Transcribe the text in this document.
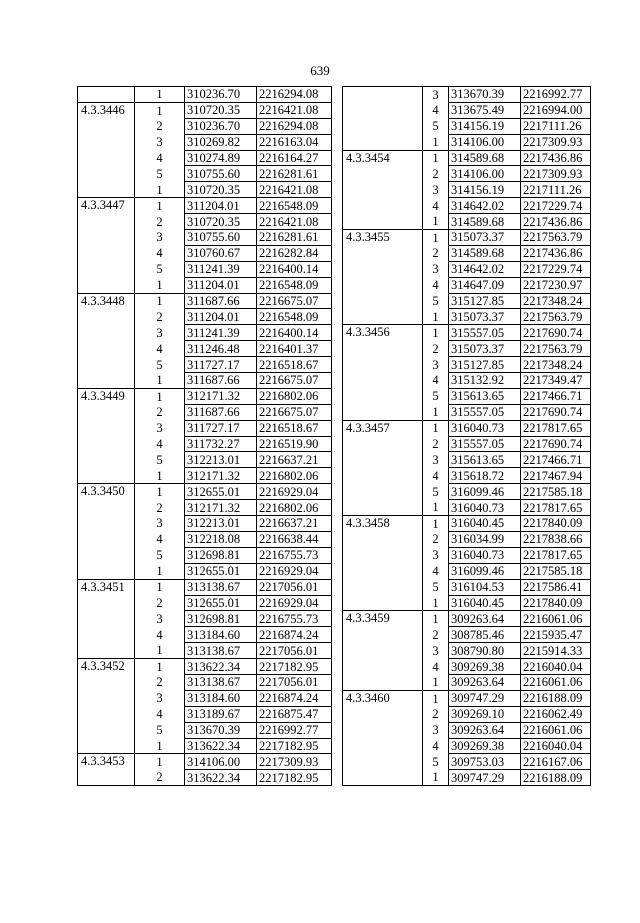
639
	1	310236.70	2216294.08
4.3.3446	1	310720.35	2216421.08
	2	310236.70	2216294.08
	3	310269.82	2216163.04
	4	310274.89	2216164.27
	5	310755.60	2216281.61
	1	310720.35	2216421.08
4.3.3447	1	311204.01	2216548.09
	2	310720.35	2216421.08
	3	310755.60	2216281.61
	4	310760.67	2216282.84
	5	311241.39	2216400.14
	1	311204.01	2216548.09
4.3.3448	1	311687.66	2216675.07
	2	311204.01	2216548.09
	3	311241.39	2216400.14
	4	311246.48	2216401.37
	5	311727.17	2216518.67
	1	311687.66	2216675.07
4.3.3449	1	312171.32	2216802.06
	2	311687.66	2216675.07
	3	311727.17	2216518.67
	4	311732.27	2216519.90
	5	312213.01	2216637.21
	1	312171.32	2216802.06
4.3.3450	1	312655.01	2216929.04
	2	312171.32	2216802.06
	3	312213.01	2216637.21
	4	312218.08	2216638.44
	5	312698.81	2216755.73
	1	312655.01	2216929.04
4.3.3451	1	313138.67	2217056.01
	2	312655.01	2216929.04
	3	312698.81	2216755.73
	4	313184.60	2216874.24
	1	313138.67	2217056.01
4.3.3452	1	313622.34	2217182.95
	2	313138.67	2217056.01
	3	313184.60	2216874.24
	4	313189.67	2216875.47
	5	313670.39	2216992.77
	1	313622.34	2217182.95
4.3.3453	1	314106.00	2217309.93
	2	313622.34	2217182.95
	3	313670.39	2216992.77
	4	313675.49	2216994.00
	5	314156.19	2217111.26
	1	314106.00	2217309.93
4.3.3454	1	314589.68	2217436.86
	2	314106.00	2217309.93
	3	314156.19	2217111.26
	4	314642.02	2217229.74
	1	314589.68	2217436.86
4.3.3455	1	315073.37	2217563.79
	2	314589.68	2217436.86
	3	314642.02	2217229.74
	4	314647.09	2217230.97
	5	315127.85	2217348.24
	1	315073.37	2217563.79
4.3.3456	1	315557.05	2217690.74
	2	315073.37	2217563.79
	3	315127.85	2217348.24
	4	315132.92	2217349.47
	5	315613.65	2217466.71
	1	315557.05	2217690.74
4.3.3457	1	316040.73	2217817.65
	2	315557.05	2217690.74
	3	315613.65	2217466.71
	4	315618.72	2217467.94
	5	316099.46	2217585.18
	1	316040.73	2217817.65
4.3.3458	1	316040.45	2217840.09
	2	316034.99	2217838.66
	3	316040.73	2217817.65
	4	316099.46	2217585.18
	5	316104.53	2217586.41
	1	316040.45	2217840.09
4.3.3459	1	309263.64	2216061.06
	2	308785.46	2215935.47
	3	308790.80	2215914.33
	4	309269.38	2216040.04
	1	309263.64	2216061.06
4.3.3460	1	309747.29	2216188.09
	2	309269.10	2216062.49
	3	309263.64	2216061.06
	4	309269.38	2216040.04
	5	309753.03	2216167.06
	1	309747.29	2216188.09
